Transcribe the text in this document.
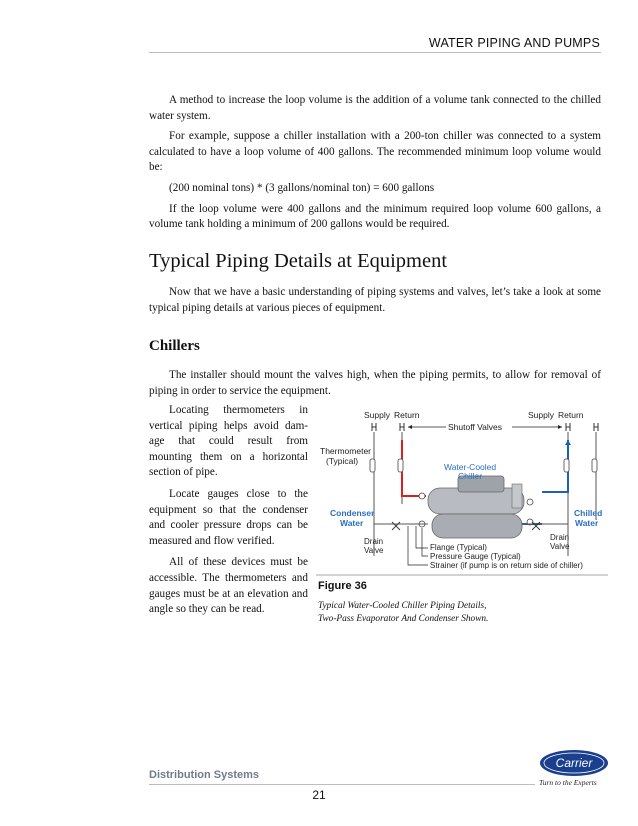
WATER PIPING AND PUMPS

A method to increase the loop volume is the addition of a volume tank connected to the chilled water system.

For example, suppose a chiller installation with a 200-ton chiller was connected to a system calculated to have a loop volume of 400 gallons. The recommended minimum loop volume would be:

(200 nominal tons) * (3 gallons/nominal ton) = 600 gallons

If the loop volume were 400 gallons and the minimum required loop volume 600 gallons, a volume tank holding a minimum of 200 gallons would be required.

Typical Piping Details at Equipment

Now that we have a basic understanding of piping systems and valves, let’s take a look at some typical piping details at various pieces of equipment.

Chillers

The installer should mount the valves high, when the piping permits, to allow for removal of piping in order to service the equipment.

Locating thermometers in vertical piping helps avoid dam-age that could result from mounting them on a horizontal section of pipe.

Locate gauges close to the equipment so that the condenser and cooler pressure drops can be measured and flow verified.

All of these devices must be accessible. The thermometers and gauges must be at an elevation and angle so they can be read.

Supply Return	Supply Return
Shutoff Valves
Thermometer
(Typical)
Water-Cooled
Chiller
Condenser
Water
Chilled
Water
Drain
Valve
Drain
Valve
Flange (Typical)
Pressure Gauge (Typical)
Strainer (if pump is on return side of chiller)
Figure 36
Typical Water-Cooled Chiller Piping Details,
Two-Pass Evaporator And Condenser Shown.
Distribution Systems
21
Carrier
Turn to the Experts
